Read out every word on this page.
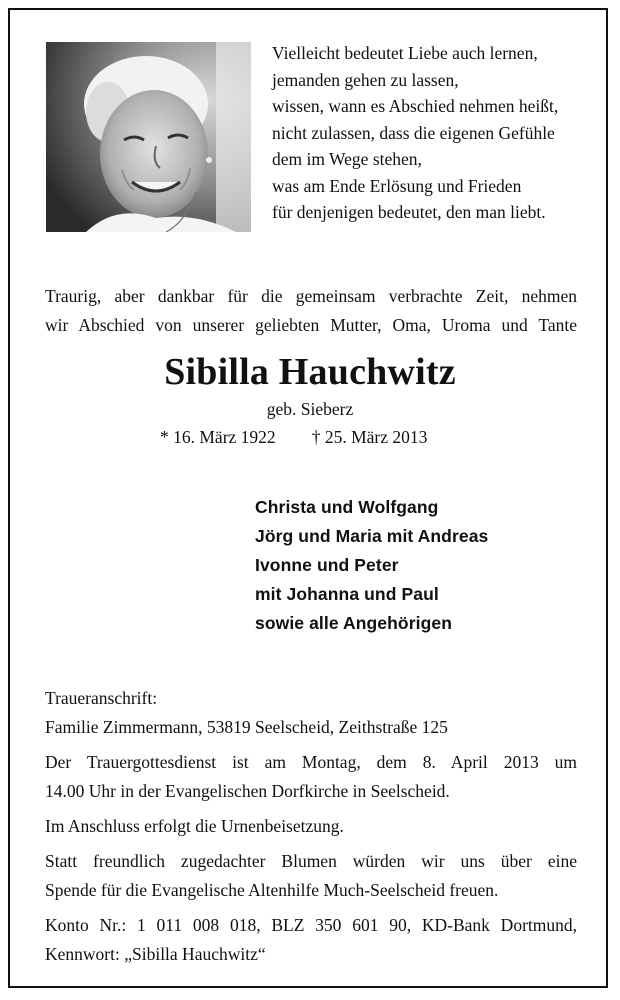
Vielleicht bedeutet Liebe auch lernen,
jemanden gehen zu lassen,
wissen, wann es Abschied nehmen heißt,
nicht zulassen, dass die eigenen Gefühle
dem im Wege stehen,
was am Ende Erlösung und Frieden
für denjenigen bedeutet, den man liebt.
Traurig, aber dankbar für die gemeinsam verbrachte Zeit, nehmen
wir Abschied von unserer geliebten Mutter, Oma, Uroma und Tante
Sibilla Hauchwitz
geb. Sieberz
* 16. März 1922 † 25. März 2013
Christa und Wolfgang
Jörg und Maria mit Andreas
Ivonne und Peter
mit Johanna und Paul
sowie alle Angehörigen
Traueranschrift:
Familie Zimmermann, 53819 Seelscheid, Zeithstraße 125
Der Trauergottesdienst ist am Montag, dem 8. April 2013 um
14.00 Uhr in der Evangelischen Dorfkirche in Seelscheid.
Im Anschluss erfolgt die Urnenbeisetzung.
Statt freundlich zugedachter Blumen würden wir uns über eine
Spende für die Evangelische Altenhilfe Much-Seelscheid freuen.
Konto Nr.: 1 011 008 018, BLZ 350 601 90, KD-Bank Dortmund,
Kennwort: „Sibilla Hauchwitz“
